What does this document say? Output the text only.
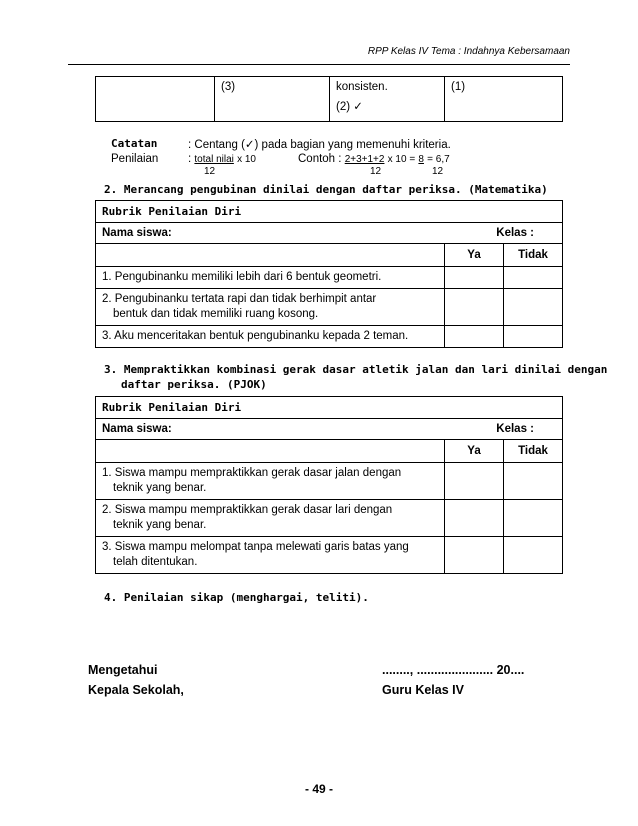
RPP Kelas IV Tema : Indahnya Kebersamaan
	(3)	konsisten.
(2) ✓
	(1)
Catatan	: Centang (✓) pada bagian yang memenuhi kriteria.
Penilaian	: total nilai x 10
12
Contoh : 2+3+1+2 x 10 = 8 = 6,7
12	12
2. Merancang pengubinan dinilai dengan daftar periksa. (Matematika)
Rubrik Penilaian Diri		
Nama siswa: Kelas :		

	Ya	Tidak

1. Pengubinanku memiliki lebih dari 6 bentuk geometri.		

2. Pengubinanku tertata rapi dan tidak berhimpit antar
bentuk dan tidak memiliki ruang kosong.		

3. Aku menceritakan bentuk pengubinanku kepada 2 teman.		

3. Mempraktikkan kombinasi gerak dasar atletik jalan dan lari dinilai dengan
daftar periksa. (PJOK)
Rubrik Penilaian Diri		
Nama siswa: Kelas :		

	Ya	Tidak

1. Siswa mampu mempraktikkan gerak dasar jalan dengan
teknik yang benar.		

2. Siswa mampu mempraktikkan gerak dasar lari dengan
teknik yang benar.		

3. Siswa mampu melompat tanpa melewati garis batas yang
telah ditentukan.		

4. Penilaian sikap (menghargai, teliti).
Mengetahui
Kepala Sekolah,
........, ...................... 20....
Guru Kelas IV
- 49 -
